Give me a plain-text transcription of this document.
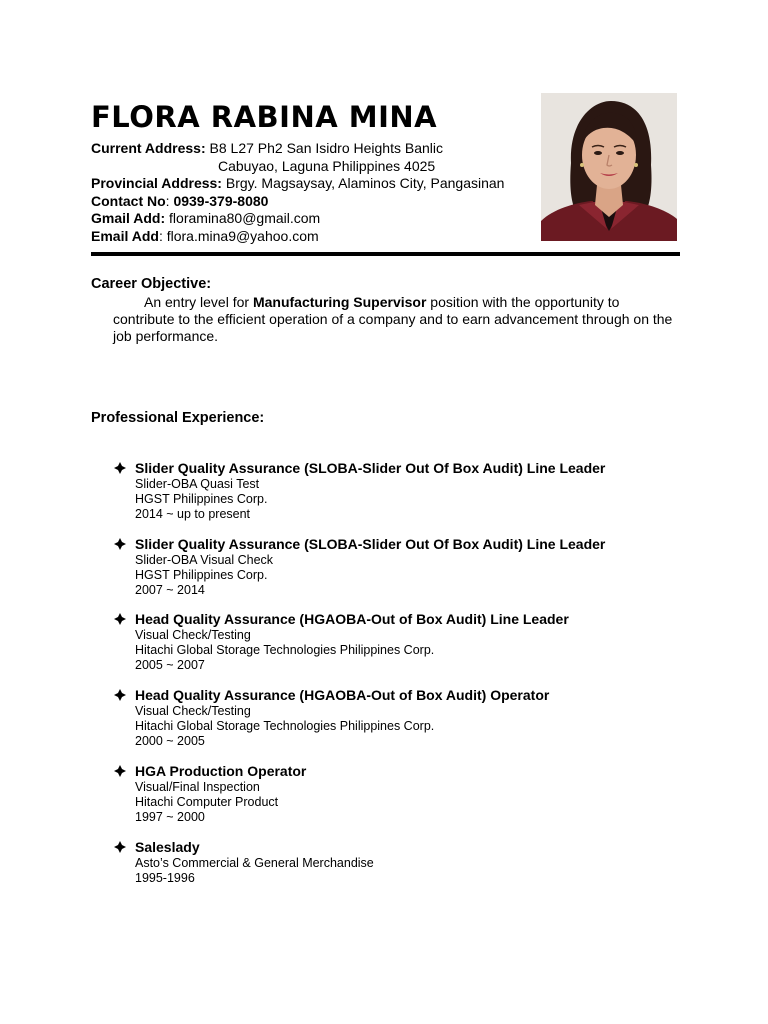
FLORA RABINA MINA
Current Address: B8 L27 Ph2 San Isidro Heights Banlic
Cabuyao, Laguna Philippines 4025
Provincial Address: Brgy. Magsaysay, Alaminos City, Pangasinan
Contact No: 0939-379-8080
Gmail Add: floramina80@gmail.com
Email Add: flora.mina9@yahoo.com
Career Objective:

An entry level for Manufacturing Supervisor position with the opportunity to contribute to the efficient operation of a company and to earn advancement through on the job performance.

Professional Experience:
Slider Quality Assurance (SLOBA-Slider Out Of Box Audit) Line Leader
Slider-OBA Quasi Test
HGST Philippines Corp.
2014 ~ up to present
Slider Quality Assurance (SLOBA-Slider Out Of Box Audit) Line Leader
Slider-OBA Visual Check
HGST Philippines Corp.
2007 ~ 2014
Head Quality Assurance (HGAOBA-Out of Box Audit) Line Leader
Visual Check/Testing
Hitachi Global Storage Technologies Philippines Corp.
2005 ~ 2007
Head Quality Assurance (HGAOBA-Out of Box Audit) Operator
Visual Check/Testing
Hitachi Global Storage Technologies Philippines Corp.
2000 ~ 2005
HGA Production Operator
Visual/Final Inspection
Hitachi Computer Product
1997 ~ 2000
Saleslady
Asto’s Commercial & General Merchandise
1995-1996
